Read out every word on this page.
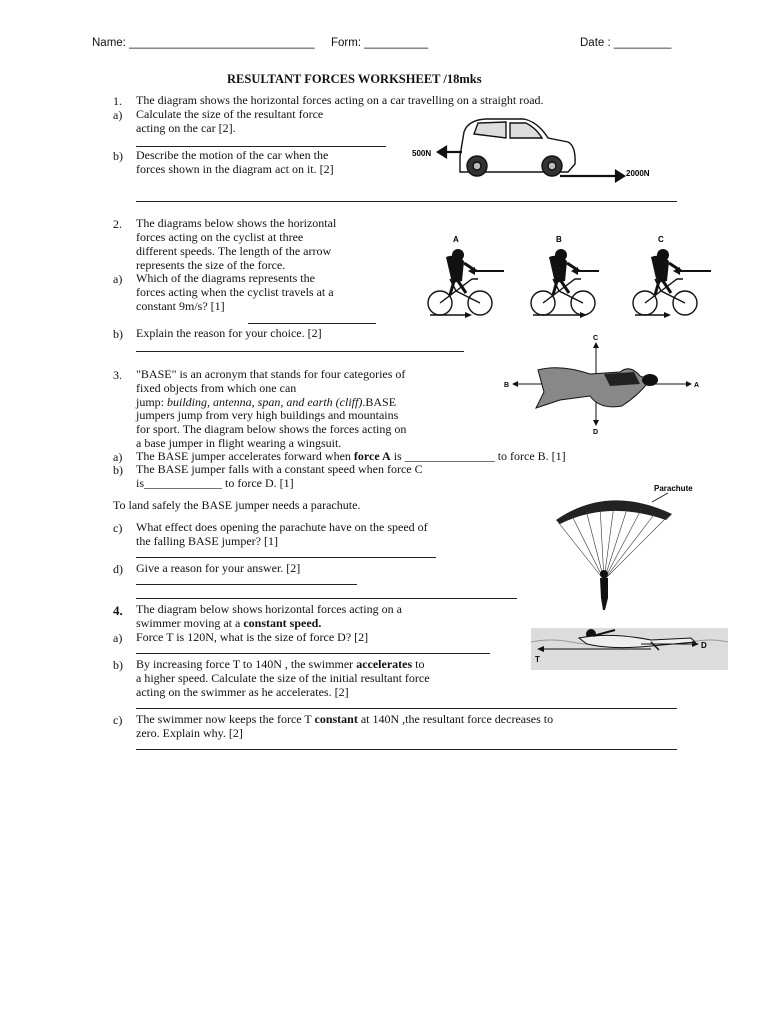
Name: _____________________________ Form: __________	Date : _________
RESULTANT FORCES WORKSHEET /18mks
1. The diagram shows the horizontal forces acting on a car travelling on a straight road.
a) Calculate the size of the resultant force
acting on the car [2].
b) Describe the motion of the car when the
forces shown in the diagram act on it. [2]
500N
2000N
2. The diagrams below shows the horizontal
forces acting on the cyclist at three
different speeds. The length of the arrow
represents the size of the force.
a) Which of the diagrams represents the
forces acting when the cyclist travels at a
constant 9m/s? [1]
b) Explain the reason for your choice. [2]
A	B	C
3. "BASE" is an acronym that stands for four categories of
fixed objects from which one can
jump: building, antenna, span, and earth (cliff).BASE
jumpers jump from very high buildings and mountains
for sport. The diagram below shows the forces acting on
a base jumper in flight wearing a wingsuit.
a) The BASE jumper accelerates forward when force A is _______________ to force B. [1]
b) The BASE jumper falls with a constant speed when force C
is_____________ to force D. [1]
To land safely the BASE jumper needs a parachute.
c) What effect does opening the parachute have on the speed of
the falling BASE jumper? [1]
d) Give a reason for your answer. [2]
C
B	A
D
Parachute
4. The diagram below shows horizontal forces acting on a
swimmer moving at a constant speed.
a) Force T is 120N, what is the size of force D? [2]
b) By increasing force T to 140N , the swimmer accelerates to
a higher speed. Calculate the size of the initial resultant force
acting on the swimmer as he accelerates. [2]
c) The swimmer now keeps the force T constant at 140N ,the resultant force decreases to
zero. Explain why. [2]
T
D
